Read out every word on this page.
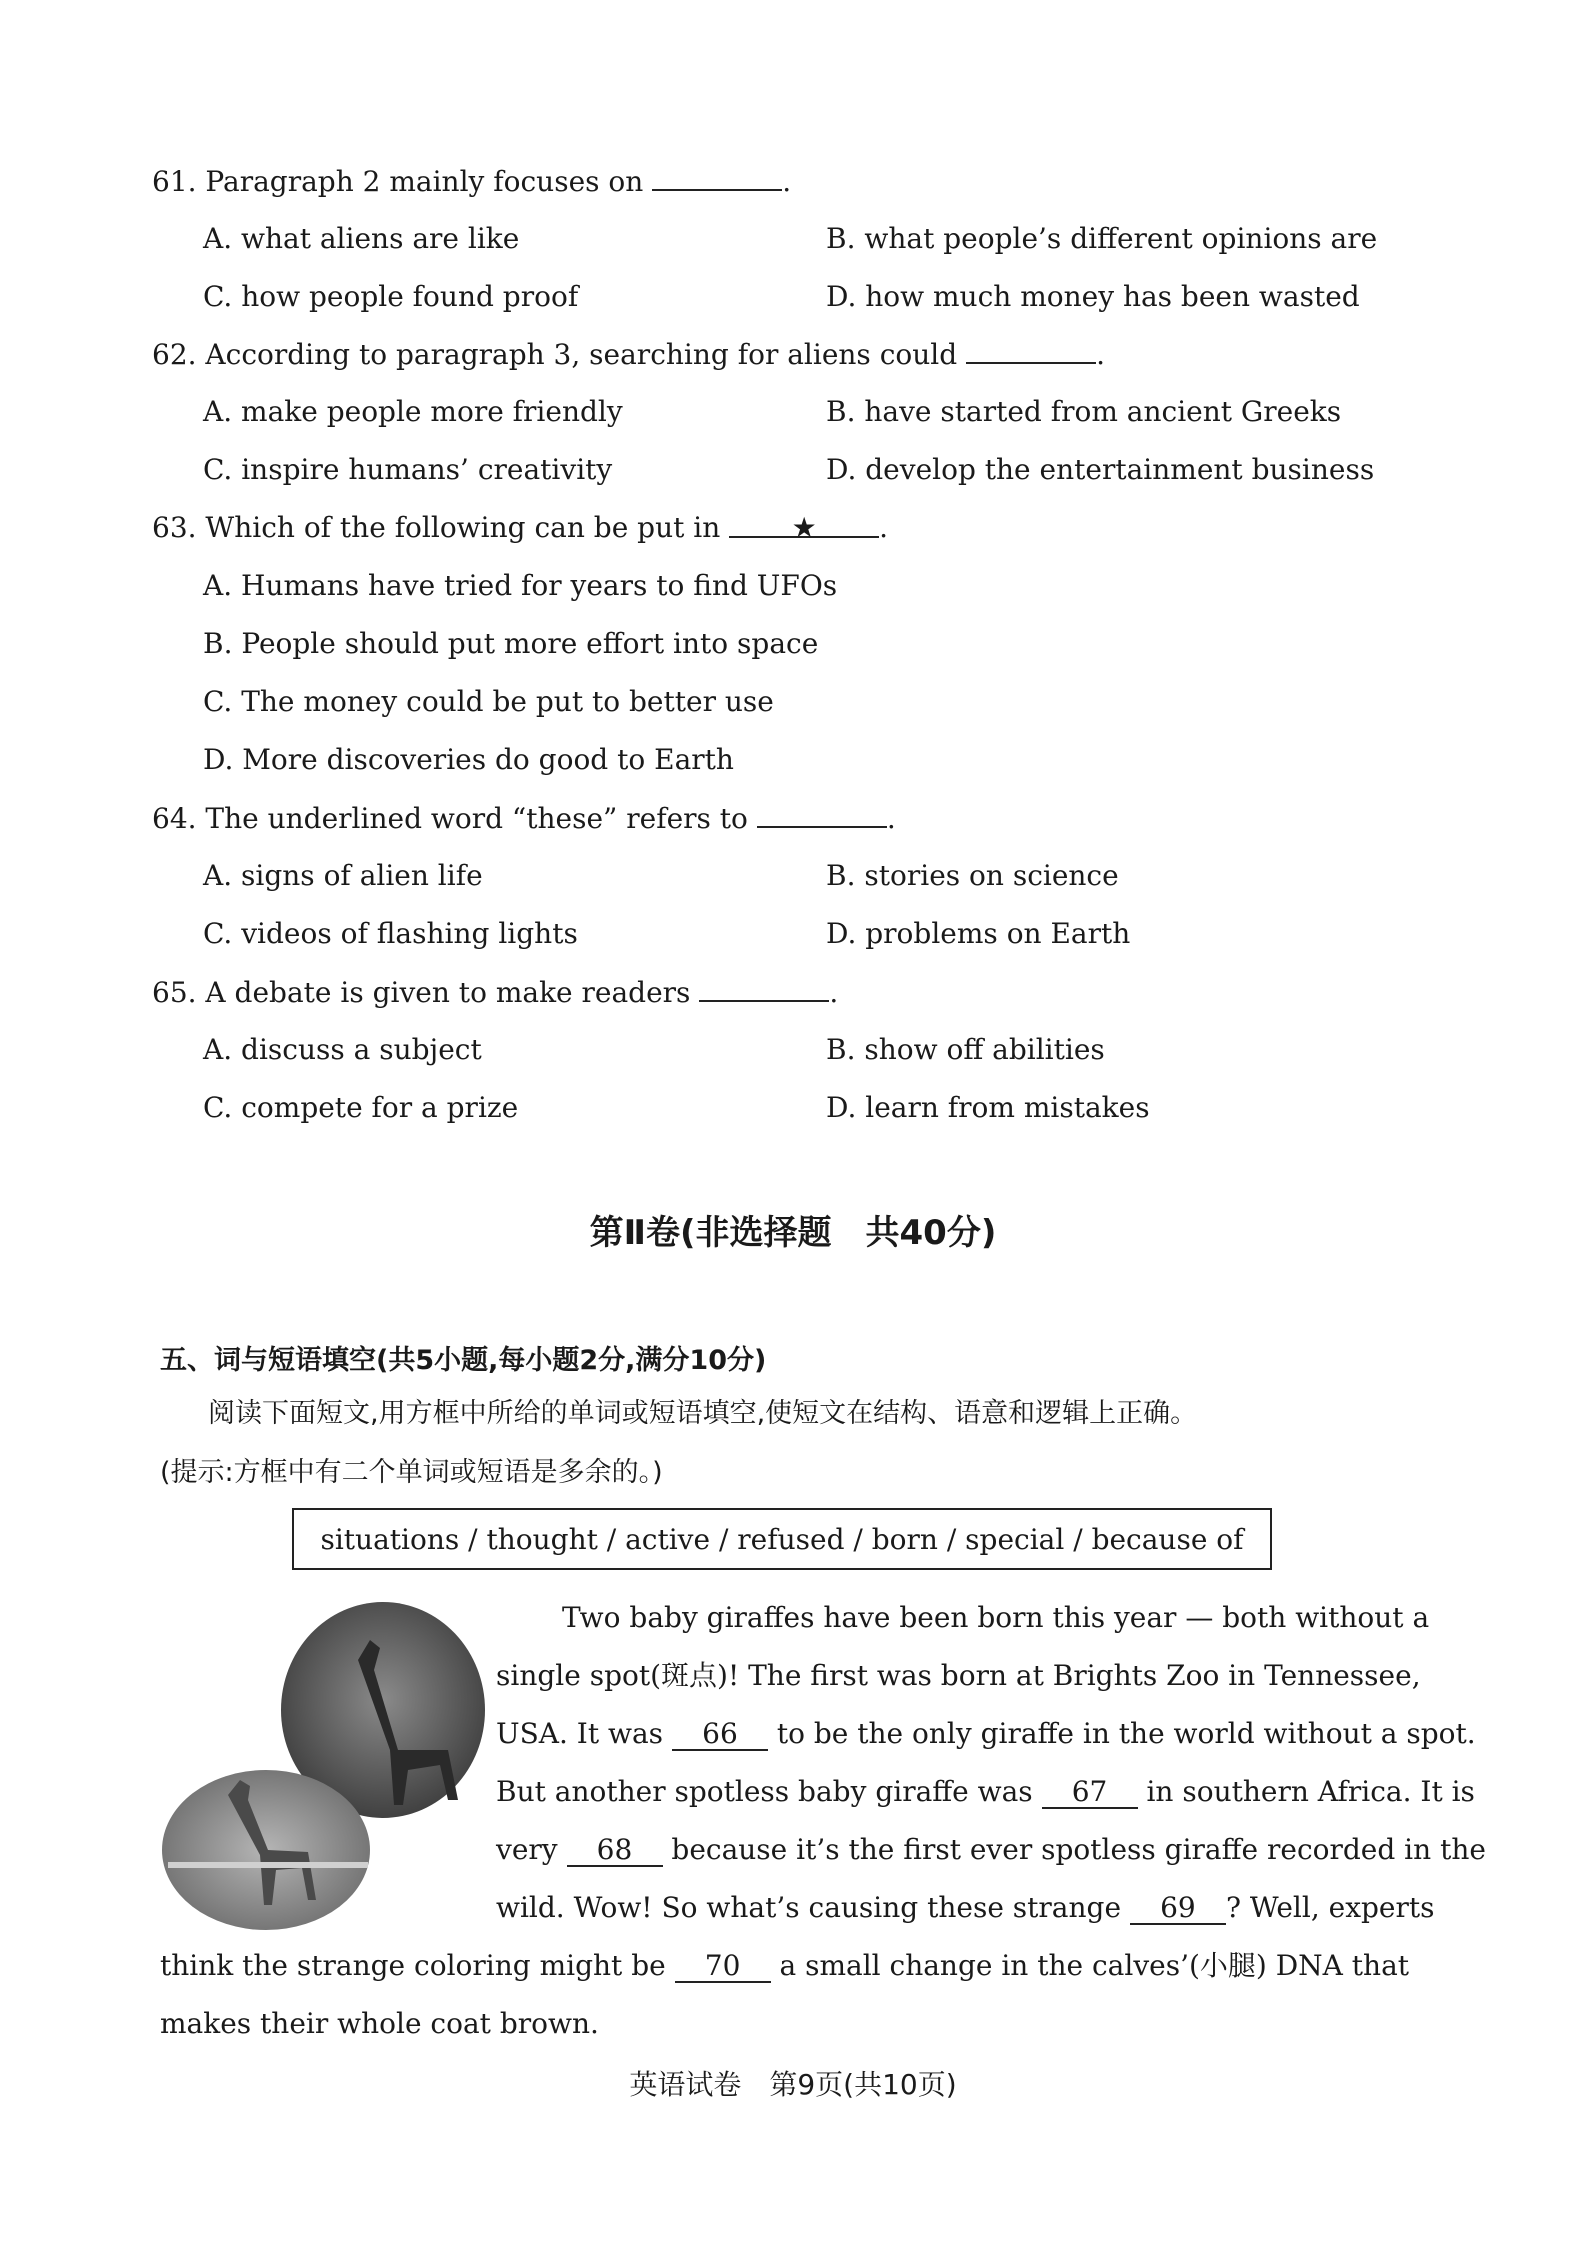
61. Paragraph 2 mainly focuses on	.
A. what aliens are like	B. what people’s different opinions are
C. how people found proof	D. how much money has been wasted
62. According to paragraph 3, searching for aliens could	.
A. make people more friendly	B. have started from ancient Greeks
C. inspire humans’ creativity	D. develop the entertainment business
63. Which of the following can be put in ★ .
A. Humans have tried for years to find UFOs
B. People should put more effort into space
C. The money could be put to better use
D. More discoveries do good to Earth
64. The underlined word “these” refers to	.
A. signs of alien life	B. stories on science
C. videos of flashing lights	D. problems on Earth
65. A debate is given to make readers	.
A. discuss a subject	B. show off abilities
C. compete for a prize	D. learn from mistakes
第Ⅱ卷(非选择题　共40分)
五、词与短语填空(共5小题,每小题2分,满分10分)
阅读下面短文,用方框中所给的单词或短语填空,使短文在结构、语意和逻辑上正确。
(提示:方框中有二个单词或短语是多余的。)
situations / thought / active / refused / born / special / because of
Two baby giraffes have been born this year — both without a
single spot(斑点)! The first was born at Brights Zoo in Tennessee,
USA. It was 66 to be the only giraffe in the world without a spot.
But another spotless baby giraffe was 67 in southern Africa. It is
very 68 because it’s the first ever spotless giraffe recorded in the
wild. Wow! So what’s causing these strange 69 ? Well, experts
think the strange coloring might be 70 a small change in the calves’(小腿) DNA that
makes their whole coat brown.
英语试卷　第9页(共10页)
